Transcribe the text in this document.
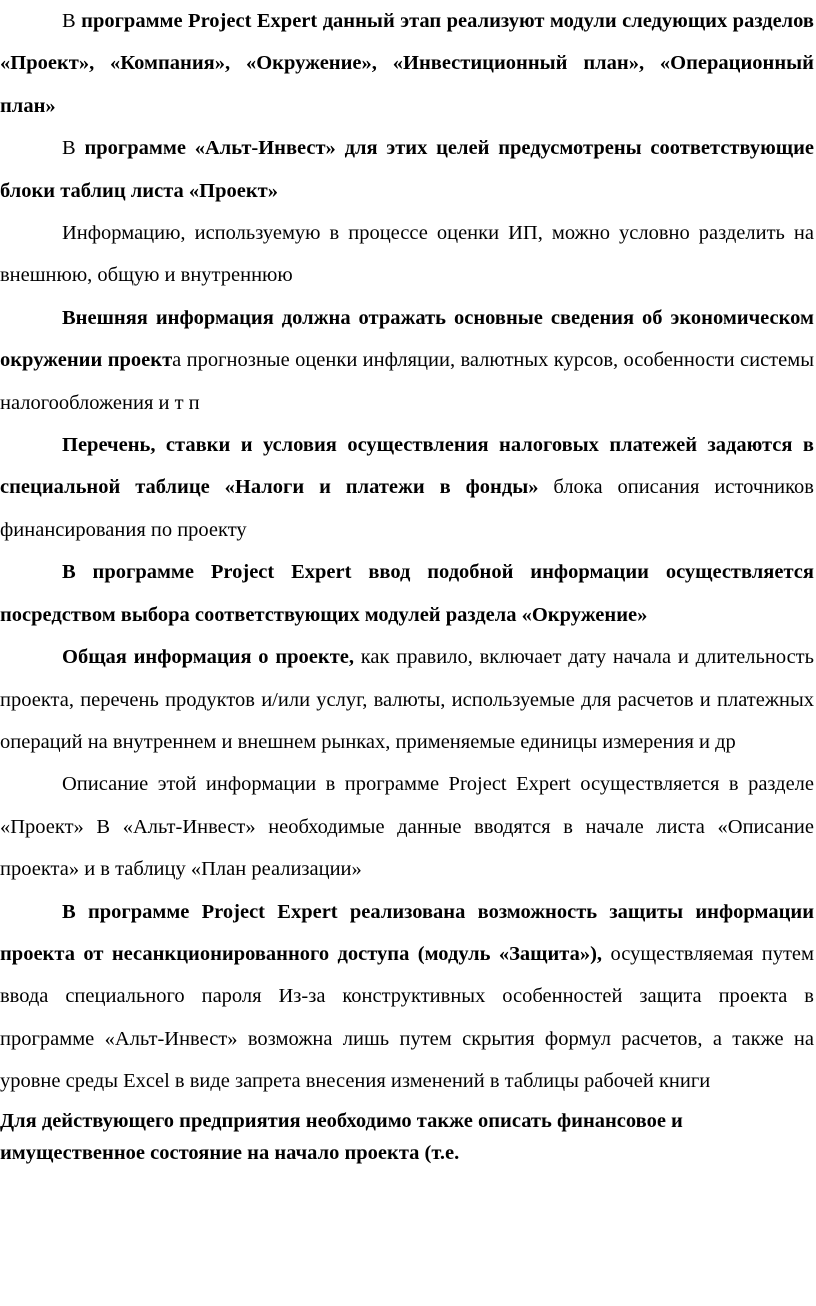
В программе Project Expert данный этап реализуют модули следующих разделов «Проект», «Компания», «Окружение», «Инвестиционный план», «Операционный план»

В программе «Альт-Инвест» для этих целей предусмотрены соответствующие блоки таблиц листа «Проект»

Информацию, используемую в процессе оценки ИП, можно условно разделить на внешнюю, общую и внутреннюю

Внешняя информация должна отражать основные сведения об экономическом окружении проекта прогнозные оценки инфляции, валютных курсов, особенности системы налогообложения и т п

Перечень, ставки и условия осуществления налоговых платежей задаются в специальной таблице «Налоги и платежи в фонды» блока описания источников финансирования по проекту

В программе Project Expert ввод подобной информации осуществляется посредством выбора соответствующих модулей раздела «Окружение»

Общая информация о проекте, как правило, включает дату начала и длительность проекта, перечень продуктов и/или услуг, валюты, используемые для расчетов и платежных операций на внутреннем и внешнем рынках, применяемые единицы измерения и др

Описание этой информации в программе Project Expert осуществляется в разделе «Проект» В «Альт-Инвест» необходимые данные вводятся в начале листа «Описание проекта» и в таблицу «План реализации»

В программе Project Expert реализована возможность защиты информации проекта от несанкционированного доступа (модуль «Защита»), осуществляемая путем ввода специального пароля Из-за конструктивных особенностей защита проекта в программе «Альт-Инвест» возможна лишь путем скрытия формул расчетов, а также на уровне среды Excel в виде запрета внесения изменений в таблицы рабочей книги

Для действующего предприятия необходимо также описать финансовое и имущественное состояние на начало проекта (т.е.
